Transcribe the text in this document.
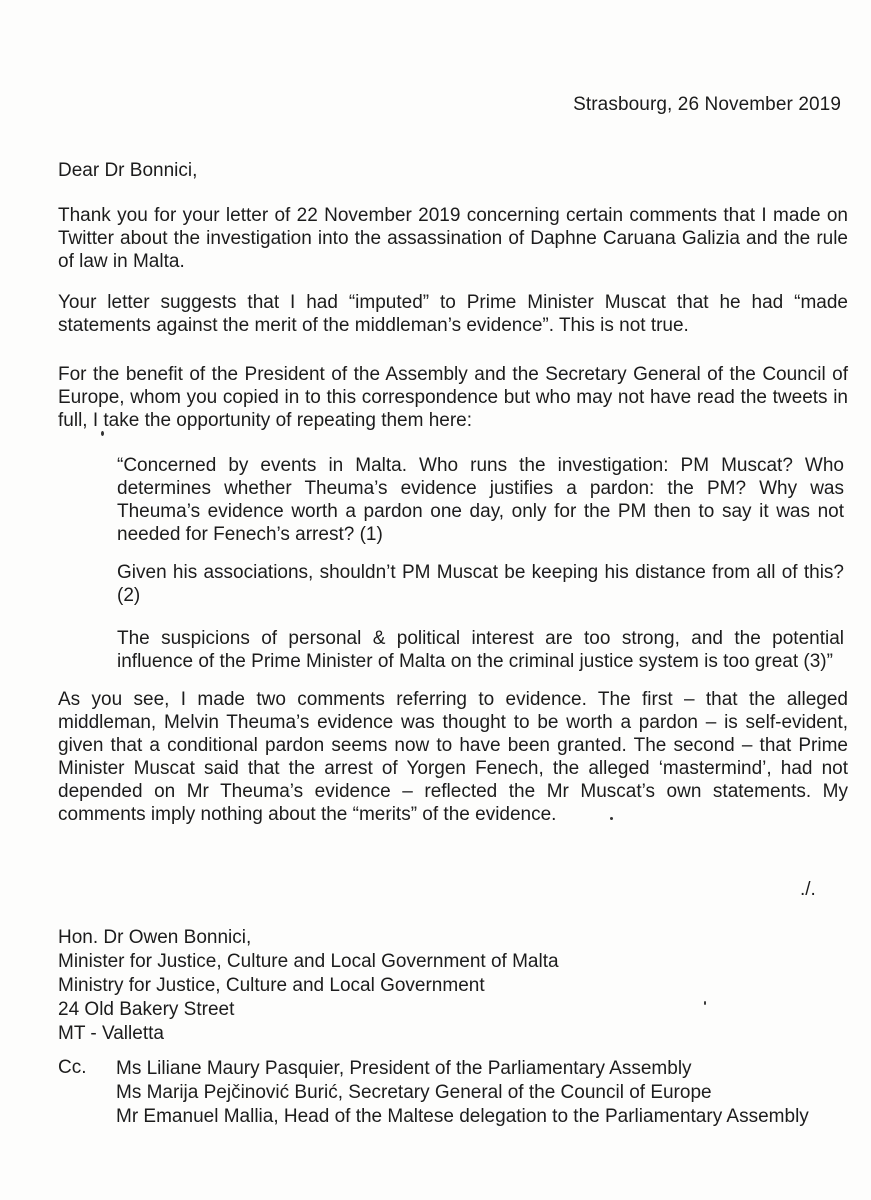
Strasbourg, 26 November 2019
Dear Dr Bonnici,
Thank you for your letter of 22 November 2019 concerning certain comments that I made on Twitter about the investigation into the assassination of Daphne Caruana Galizia and the rule of law in Malta.
Your letter suggests that I had “imputed” to Prime Minister Muscat that he had “made statements against the merit of the middleman’s evidence”. This is not true.
For the benefit of the President of the Assembly and the Secretary General of the Council of Europe, whom you copied in to this correspondence but who may not have read the tweets in full, I take the opportunity of repeating them here:
“Concerned by events in Malta. Who runs the investigation: PM Muscat? Who determines whether Theuma’s evidence justifies a pardon: the PM? Why was Theuma’s evidence worth a pardon one day, only for the PM then to say it was not needed for Fenech’s arrest? (1)
Given his associations, shouldn’t PM Muscat be keeping his distance from all of this? (2)
The suspicions of personal & political interest are too strong, and the potential influence of the Prime Minister of Malta on the criminal justice system is too great (3)”
As you see, I made two comments referring to evidence. The first – that the alleged middleman, Melvin Theuma’s evidence was thought to be worth a pardon – is self-evident, given that a conditional pardon seems now to have been granted. The second – that Prime Minister Muscat said that the arrest of Yorgen Fenech, the alleged ‘mastermind’, had not depended on Mr Theuma’s evidence – reflected the Mr Muscat’s own statements. My comments imply nothing about the “merits” of the evidence.
./.
Hon. Dr Owen Bonnici,
Minister for Justice, Culture and Local Government of Malta
Ministry for Justice, Culture and Local Government
24 Old Bakery Street
MT - Valletta
Cc. Ms Liliane Maury Pasquier, President of the Parliamentary Assembly
Ms Marija Pejčinović Burić, Secretary General of the Council of Europe
Mr Emanuel Mallia, Head of the Maltese delegation to the Parliamentary Assembly
